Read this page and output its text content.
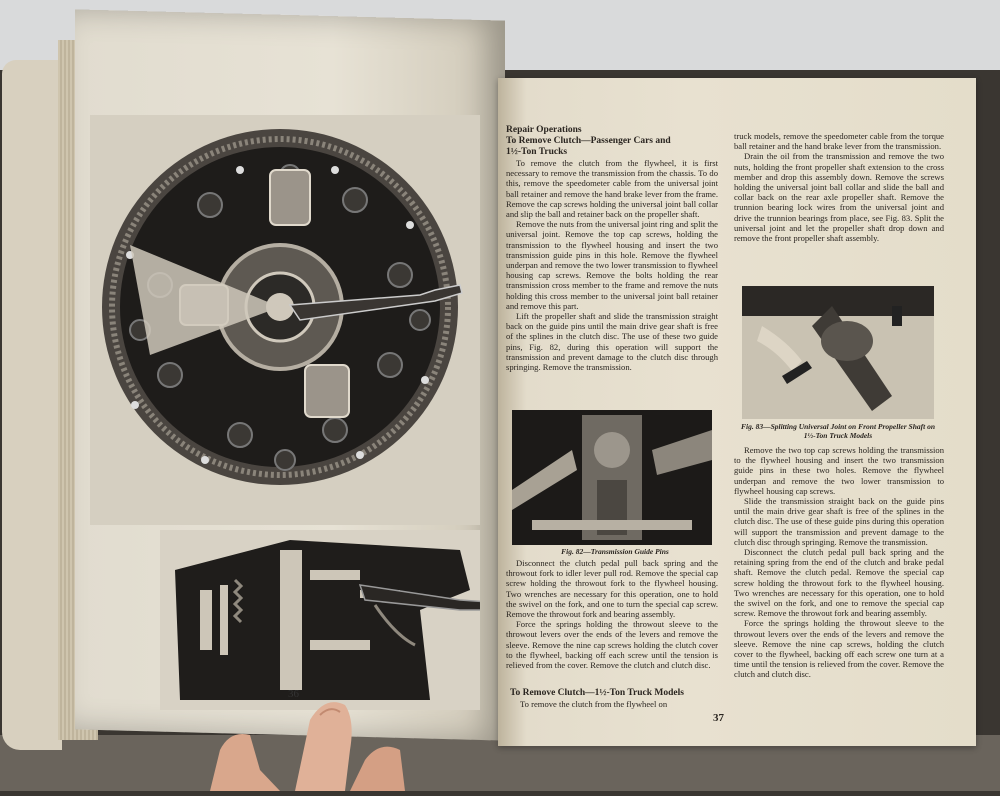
36

Repair Operations

To Remove Clutch—Passenger Cars and

1½-Ton Trucks

To remove the clutch from the flywheel, it is first necessary to remove the transmission from the chassis. To do this, remove the speedometer cable from the universal joint ball retainer and remove the hand brake lever from the frame. Remove the cap screws holding the universal joint ball collar and slip the ball and retainer back on the propeller shaft.

Remove the nuts from the universal joint ring and split the universal joint. Remove the top cap screws, holding the transmission to the flywheel housing and insert the two transmission guide pins in this hole. Remove the flywheel underpan and remove the two lower transmission to flywheel housing cap screws. Remove the bolts holding the rear transmission cross member to the frame and remove the nuts holding this cross member to the universal joint ball retainer and remove this part.

Lift the propeller shaft and slide the transmission straight back on the guide pins until the main drive gear shaft is free of the splines in the clutch disc. The use of these two guide pins, Fig. 82, during this operation will support the transmission and prevent damage to the clutch disc through springing. Remove the transmission.

Fig. 82—Transmission Guide Pins

Disconnect the clutch pedal pull back spring and the throwout fork to idler lever pull rod. Remove the special cap screw holding the throwout fork to the flywheel housing. Two wrenches are necessary for this operation, one to hold the swivel on the fork, and one to turn the special cap screw. Remove the throwout fork and bearing assembly.

Force the springs holding the throwout sleeve to the throwout levers over the ends of the levers and remove the sleeve. Remove the nine cap screws holding the clutch cover to the flywheel, backing off each screw until the tension is relieved from the cover. Remove the clutch and clutch disc.

To Remove Clutch—1½-Ton Truck Models
To remove the clutch from the flywheel on

truck models, remove the speedometer cable from the torque ball retainer and the hand brake lever from the transmission.

Drain the oil from the transmission and remove the two nuts, holding the front propeller shaft extension to the cross member and drop this assembly down. Remove the screws holding the universal joint ball collar and slide the ball and collar back on the rear axle propeller shaft. Remove the trunnion bearing lock wires from the universal joint and drive the trunnion bearings from place, see Fig. 83. Split the universal joint and let the propeller shaft drop down and remove the front propeller shaft assembly.

Fig. 83—Splitting Universal Joint on Front Propeller Shaft on 1½-Ton Truck Models

Remove the two top cap screws holding the transmission to the flywheel housing and insert the two transmission guide pins in these two holes. Remove the flywheel underpan and remove the two lower transmission to flywheel housing cap screws.

Slide the transmission straight back on the guide pins until the main drive gear shaft is free of the splines in the clutch disc. The use of these guide pins during this operation will support the transmission and prevent damage to the clutch disc through springing. Remove the transmission.

Disconnect the clutch pedal pull back spring and the retaining spring from the end of the clutch and brake pedal shaft. Remove the clutch pedal. Remove the special cap screw holding the throwout fork to the flywheel housing. Two wrenches are necessary for this operation, one to hold the swivel on the fork, and one to remove the special cap screw. Remove the throwout fork and bearing assembly.

Force the springs holding the throwout sleeve to the throwout levers over the ends of the levers and remove the sleeve. Remove the nine cap screws, holding the clutch cover to the flywheel, backing off each screw one turn at a time until the tension is relieved from the cover. Remove the clutch and clutch disc.

37
